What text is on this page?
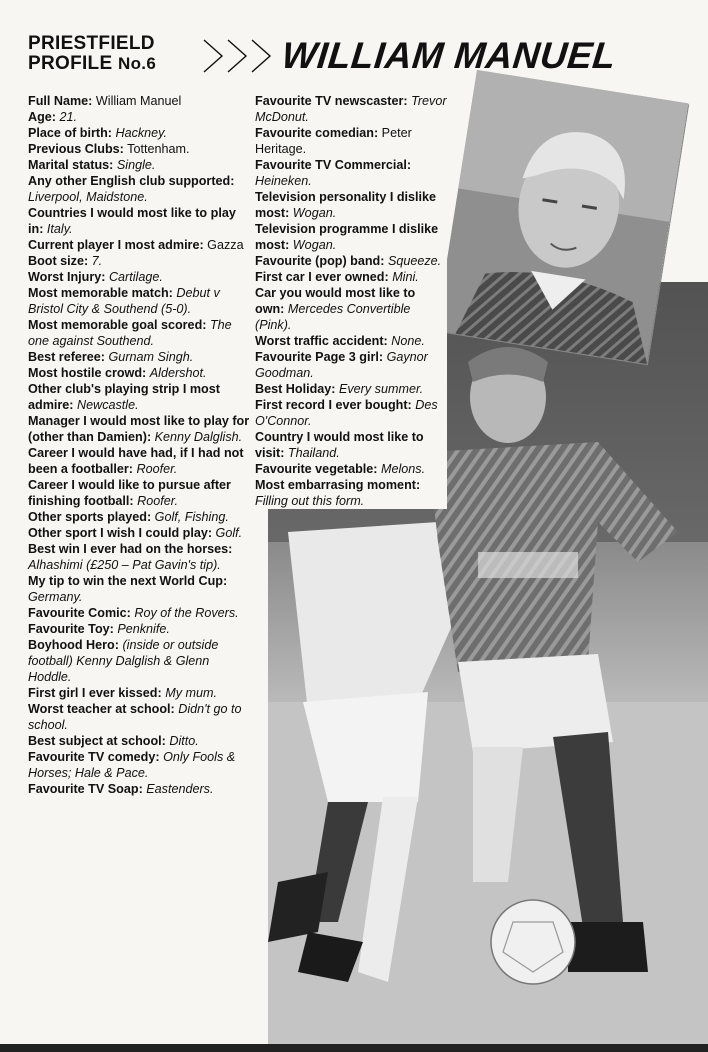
PRIESTFIELD
PROFILE No.6	WILLIAM MANUEL

Full Name: William Manuel

Age: 21.

Place of birth: Hackney.

Previous Clubs: Tottenham.

Marital status: Single.

Any other English club supported: Liverpool, Maidstone.

Countries I would most like to play in: Italy.

Current player I most admire: Gazza

Boot size: 7.

Worst Injury: Cartilage.

Most memorable match: Debut v Bristol City & Southend (5-0).

Most memorable goal scored: The one against Southend.

Best referee: Gurnam Singh.

Most hostile crowd: Aldershot.

Other club's playing strip I most admire: Newcastle.

Manager I would most like to play for (other than Damien): Kenny Dalglish.

Career I would have had, if I had not been a footballer: Roofer.

Career I would like to pursue after finishing football: Roofer.

Other sports played: Golf, Fishing.

Other sport I wish I could play: Golf.

Best win I ever had on the horses: Alhashimi (£250 – Pat Gavin's tip).

My tip to win the next World Cup: Germany.

Favourite Comic: Roy of the Rovers.

Favourite Toy: Penknife.

Boyhood Hero: (inside or outside football) Kenny Dalglish & Glenn Hoddle.

First girl I ever kissed: My mum.

Worst teacher at school: Didn't go to school.

Best subject at school: Ditto.

Favourite TV comedy: Only Fools & Horses; Hale & Pace.

Favourite TV Soap: Eastenders.

Favourite TV newscaster: Trevor McDonut.

Favourite comedian: Peter Heritage.

Favourite TV Commercial: Heineken.

Television personality I dislike most: Wogan.

Television programme I dislike most: Wogan.

Favourite (pop) band: Squeeze.

First car I ever owned: Mini.

Car you would most like to own: Mercedes Convertible (Pink).

Worst traffic accident: None.

Favourite Page 3 girl: Gaynor Goodman.

Best Holiday: Every summer.

First record I ever bought: Des O'Connor.

Country I would most like to visit: Thailand.

Favourite vegetable: Melons.

Most embarrasing moment: Filling out this form.
